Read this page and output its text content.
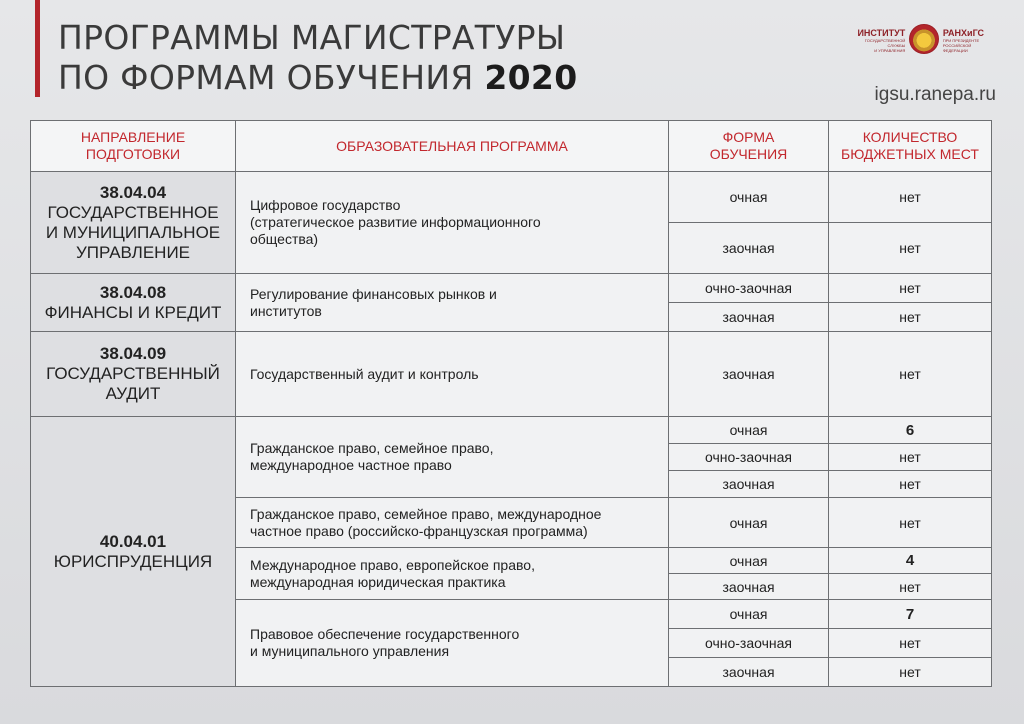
ПРОГРАММЫ МАГИСТРАТУРЫ
ПО ФОРМАМ ОБУЧЕНИЯ 2020
ИНСТИТУТ
ГОСУДАРСТВЕННОЙ СЛУЖБЫ
И УПРАВЛЕНИЯ
РАНХиГС
ПРИ ПРЕЗИДЕНТЕ
РОССИЙСКОЙ ФЕДЕРАЦИИ
igsu.ranepa.ru
НАПРАВЛЕНИЕ
ПОДГОТОВКИ	ОБРАЗОВАТЕЛЬНАЯ ПРОГРАММА	ФОРМА
ОБУЧЕНИЯ	КОЛИЧЕСТВО
БЮДЖЕТНЫХ МЕСТ
38.04.04
ГОСУДАРСТВЕННОЕ
И МУНИЦИПАЛЬНОЕ
УПРАВЛЕНИЕ	Цифровое государство
(стратегическое развитие информационного
общества)	очная	нет
		заочная	нет
38.04.08
ФИНАНСЫ И КРЕДИТ	Регулирование финансовых рынков и
институтов	очно-заочная	нет
		заочная	нет
38.04.09
ГОСУДАРСТВЕННЫЙ
АУДИТ	Государственный аудит и контроль	заочная	нет
40.04.01
ЮРИСПРУДЕНЦИЯ	Гражданское право, семейное право,
международное частное право	очная	6
		очно-заочная	нет
		заочная	нет
	Гражданское право, семейное право, международное
частное право (российско-французская программа)	очная	нет
	Международное право, европейское право,
международная юридическая практика	очная	4
		заочная	нет
	Правовое обеспечение государственного
и муниципального управления	очная	7
		очно-заочная	нет
		заочная	нет
